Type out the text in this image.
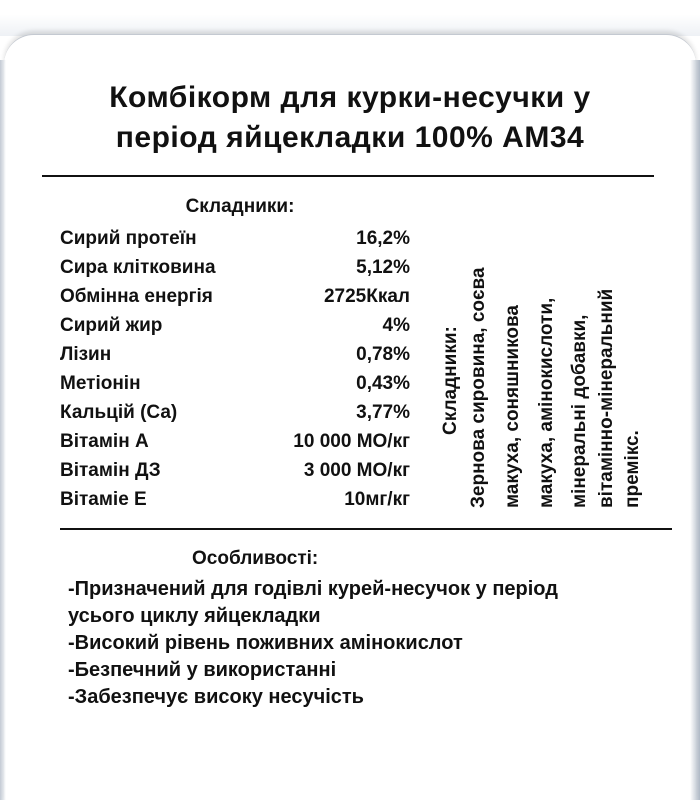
Комбікорм для курки-несучки у
період яйцекладки 100% АМ34
Складники:
Сирий протеїн	16,2%
Сира клітковина	5,12%
Обмінна енергія	2725Ккал
Сирий жир	4%
Лізин	0,78%
Метіонін	0,43%
Кальцій (Са)	3,77%
Вітамін А	10 000 МО/кг
Вітамін ДЗ	3 000 МО/кг
Вітаміе Е	10мг/кг
Складники: Зернова сировина, соєва макуха, соняшникова макуха, амінокислоти, мінеральні добавки, вітамінно-мінеральний премікс.
Особливості:
-Призначений для годівлі курей-несучок у період
усього циклу яйцекладки
-Високий рівень поживних амінокислот
-Безпечний у використанні
-Забезпечує високу несучість
